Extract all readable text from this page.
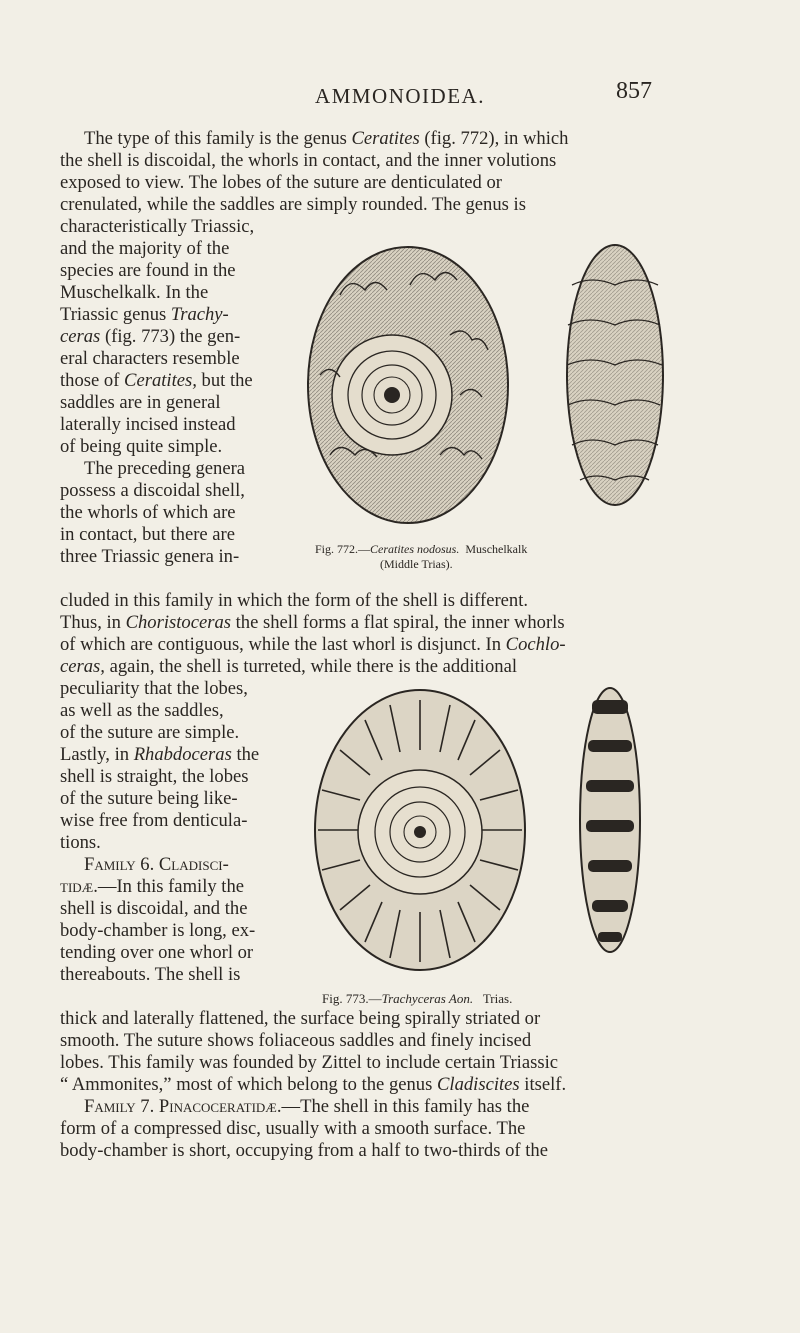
AMMONOIDEA.	857
The type of this family is the genus Ceratites (fig. 772), in which
the shell is discoidal, the whorls in contact, and the inner volutions
exposed to view. The lobes of the suture are denticulated or
crenulated, while the saddles are simply rounded. The genus is
characteristically Triassic,
and the majority of the
species are found in the
Muschelkalk. In the
Triassic genus Trachy-
ceras (fig. 773) the gen-
eral characters resemble
those of Ceratites, but the
saddles are in general
laterally incised instead
of being quite simple.
The preceding genera
possess a discoidal shell,
the whorls of which are
in contact, but there are
three Triassic genera in-	Fig. 772.—Ceratites nodosus. Muschelkalk
(Middle Trias).
cluded in this family in which the form of the shell is different.
Thus, in Choristoceras the shell forms a flat spiral, the inner whorls
of which are contiguous, while the last whorl is disjunct. In Cochlo-
ceras, again, the shell is turreted, while there is the additional
peculiarity that the lobes,
as well as the saddles,
of the suture are simple.
Lastly, in Rhabdoceras the
shell is straight, the lobes
of the suture being like-
wise free from denticula-
tions.
Family 6. Cladisci-
tidæ.—In this family the
shell is discoidal, and the
body-chamber is long, ex-
tending over one whorl or
thereabouts. The shell is
Fig. 773.—Trachyceras Aon. Trias.
thick and laterally flattened, the surface being spirally striated or
smooth. The suture shows foliaceous saddles and finely incised
lobes. This family was founded by Zittel to include certain Triassic
“ Ammonites,” most of which belong to the genus Cladiscites itself.
Family 7. Pinacoceratidæ.—The shell in this family has the
form of a compressed disc, usually with a smooth surface. The
body-chamber is short, occupying from a half to two-thirds of the
